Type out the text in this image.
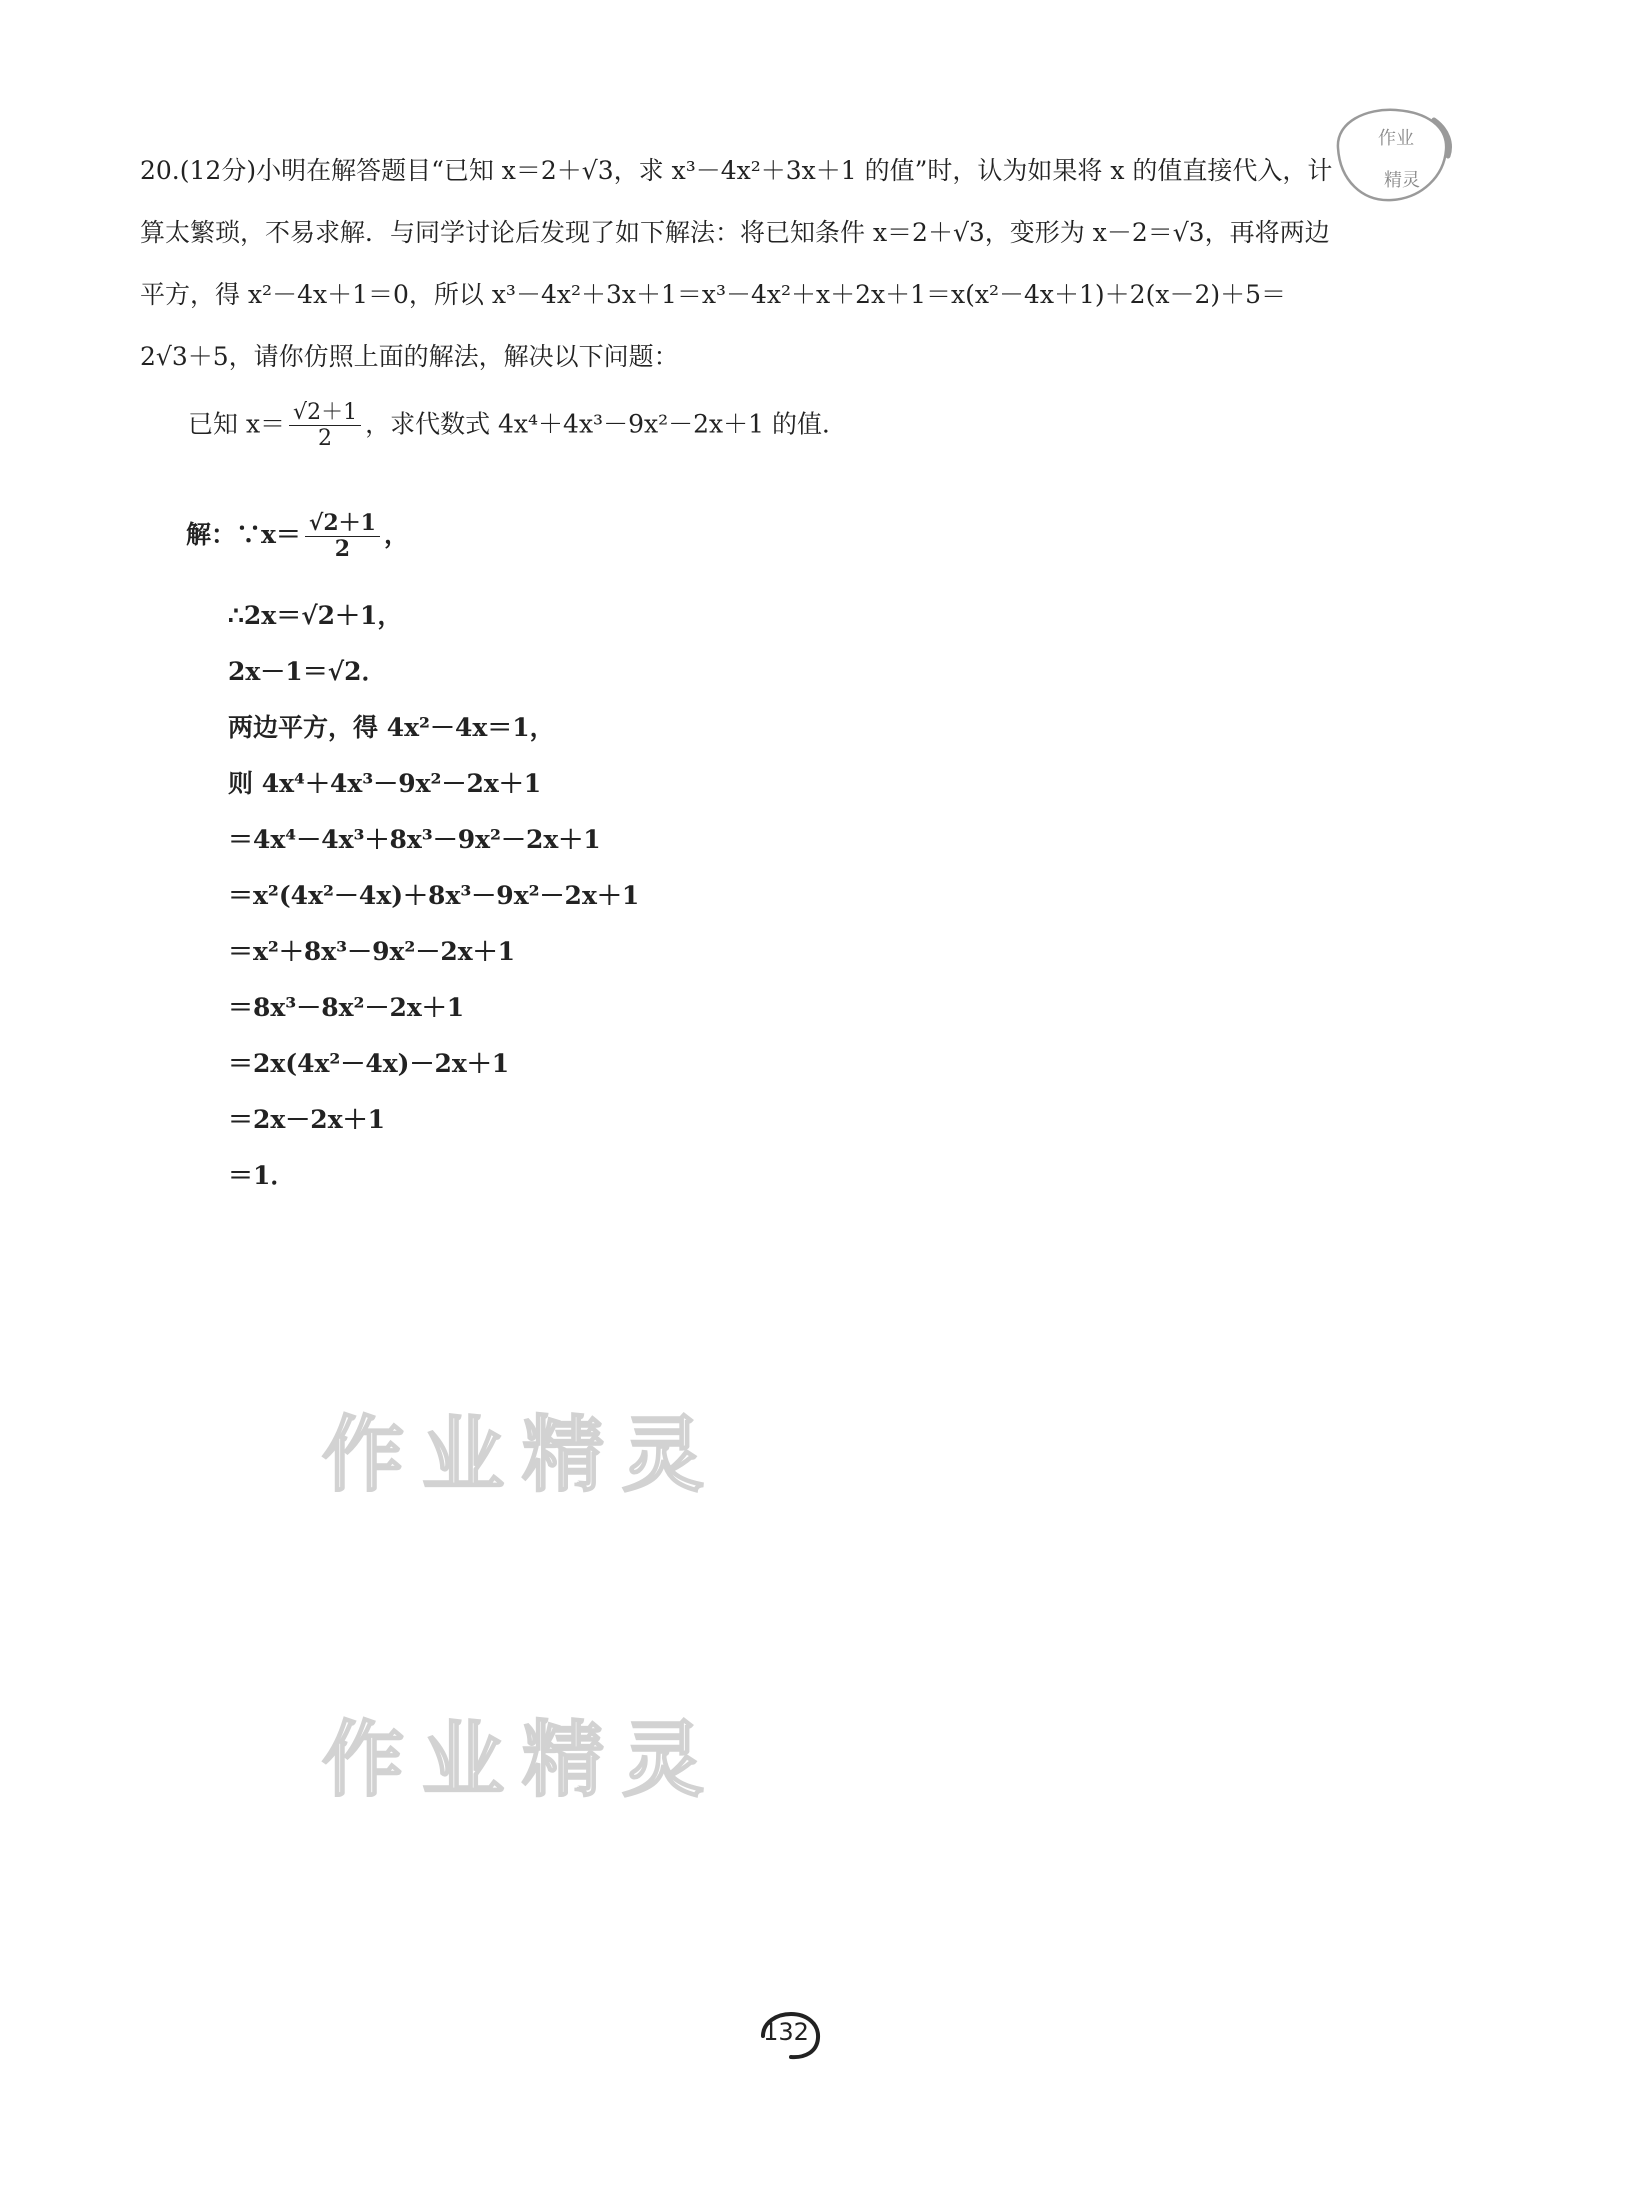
20.(12分)小明在解答题目“已知 x＝2＋√3，求 x³－4x²＋3x＋1 的值”时，认为如果将 x 的值直接代入，计
算太繁琐，不易求解．与同学讨论后发现了如下解法：将已知条件 x＝2＋√3，变形为 x－2＝√3，再将两边
平方，得 x²－4x＋1＝0，所以 x³－4x²＋3x＋1＝x³－4x²＋x＋2x＋1＝x(x²－4x＋1)＋2(x－2)＋5＝
2√3＋5，请你仿照上面的解法，解决以下问题：
已知 $x= \frac{√2+1}{2}$ ，求代数式 4x⁴＋4x³－9x²－2x＋1 的值．
解：∵x＝ $\frac{√2+1}{2}$ ，
∴2x＝√2＋1，
2x－1＝√2．
两边平方，得 4x²－4x＝1，
则 4x⁴＋4x³－9x²－2x＋1
＝4x⁴－4x³＋8x³－9x²－2x＋1
＝x²(4x²－4x)＋8x³－9x²－2x＋1
＝x²＋8x³－9x²－2x＋1
＝8x³－8x²－2x＋1
＝2x(4x²－4x)－2x＋1
＝2x－2x＋1
＝1．
作业精灵
作业精灵
作业
精灵
132
